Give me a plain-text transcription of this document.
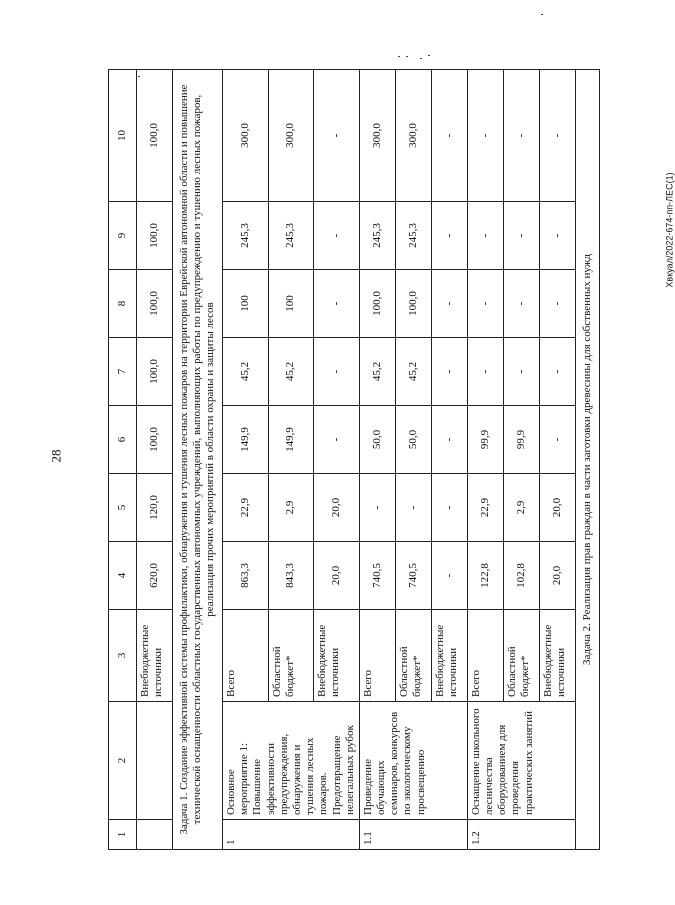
28
Хвкуал/2022-674-пп-ЛЕС(1)
1	2	3	4	5	6	7	8	9	10
		Внебюджетные источники	620,0	120,0	100,0	100,0	100,0	100,0	100,0
Задача 1. Создание эффективной системы профилактики, обнаружения и тушения лесных пожаров на территории Еврейской автономной области и повышение технической оснащенности областных государственных автономных учреждений, выполняющих работы по предупреждению и тушению лесных пожаров, реализация прочих мероприятий в области охраны и защиты лесов									
1	Основное мероприятие 1: Повышение эффективности предупреждения, обнаружения и тушения лесных пожаров. Предотвращение нелегальных рубок	Всего	863,3	22,9	149,9	45,2	100	245,3	300,0
		Областной бюджет*	843,3	2,9	149,9	45,2	100	245,3	300,0
		Внебюджетные источники	20,0	20,0	-	-	-	-	-
1.1	Проведение обучающих семинаров, конкурсов по экологическому просвещению	Всего	740,5	-	50,0	45,2	100,0	245,3	300,0
		Областной бюджет*	740,5	-	50,0	45,2	100,0	245,3	300,0
		Внебюджетные источники	-	-	-	-	-	-	-
1.2	Оснащение школьного лесничества оборудованием для проведения практических занятий	Всего	122,8	22,9	99,9	-	-	-	-
		Областной бюджет*	102,8	2,9	99,9	-	-	-	-
		Внебюджетные источники	20,0	20,0	-	-	-	-	-
Задача 2. Реализация прав граждан в части заготовки древесины для собственных нужд									
